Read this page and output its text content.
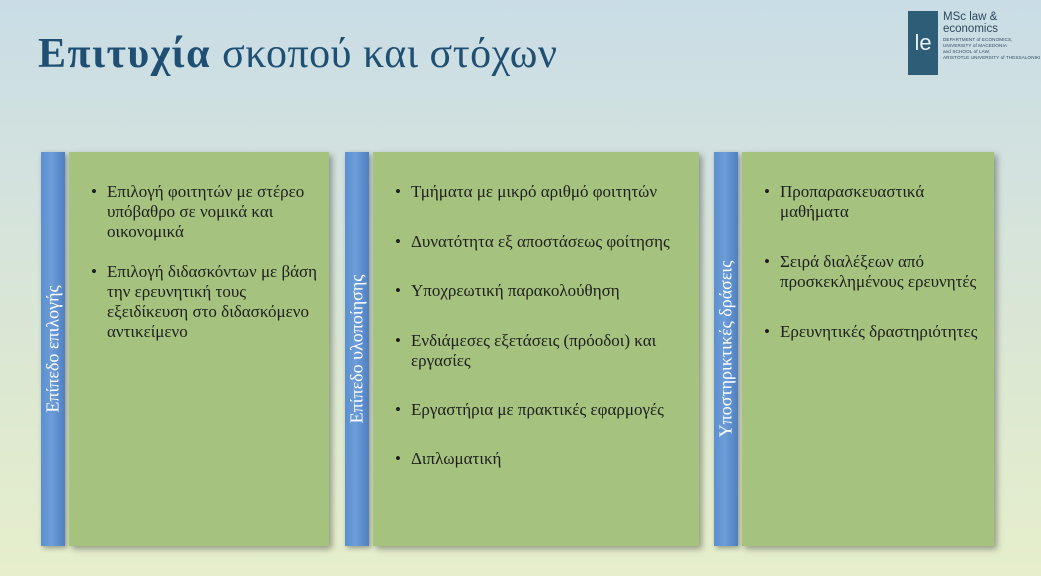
Επιτυχία σκοπού και στόχων	le
MSc law &
economics
DEPARTMENT of ECONOMICS,
UNIVERSITY of MACEDONIA
and SCHOOL of LAW,
ARISTOTLE UNIVERSITY of THESSALONIKI
Επίπεδο επιλογής
• Επιλογή φοιτητών με στέρεο υπόβαθρο σε νομικά και οικονομικά
• Επιλογή διδασκόντων με βάση την ερευνητική τους εξειδίκευση στο διδασκόμενο αντικείμενο	Επίπεδο υλοποίησης
• Τμήματα με μικρό αριθμό φοιτητών
• Δυνατότητα εξ αποστάσεως φοίτησης
• Υποχρεωτική παρακολούθηση
• Ενδιάμεσες εξετάσεις (πρόοδοι) και εργασίες
• Εργαστήρια με πρακτικές εφαρμογές
• Διπλωματική
Υποστηρικτικές δράσεις
• Προπαρασκευαστικά μαθήματα
• Σειρά διαλέξεων από προσκεκλημένους ερευνητές
• Ερευνητικές δραστηριότητες
